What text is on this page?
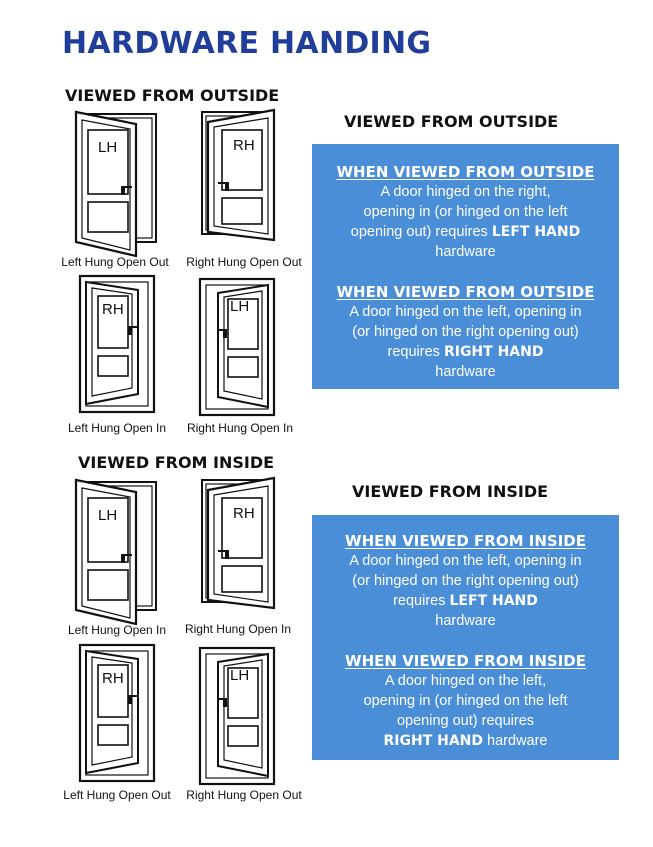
HARDWARE HANDING
VIEWED FROM OUTSIDE
VIEWED FROM OUTSIDE
LH
Left Hung Open Out
RH
Right Hung Open Out
RH
Left Hung Open In
LH
Right Hung Open In
WHEN VIEWED FROM OUTSIDE
A door hinged on the right,
opening in (or hinged on the left
opening out) requires LEFT HAND
hardware
WHEN VIEWED FROM OUTSIDE
A door hinged on the left, opening in
(or hinged on the right opening out)
requires RIGHT HAND
hardware
VIEWED FROM INSIDE
VIEWED FROM INSIDE
LH
Left Hung Open In
RH
Right Hung Open In
RH
Left Hung Open Out
LH
Right Hung Open Out
WHEN VIEWED FROM INSIDE
A door hinged on the left, opening in
(or hinged on the right opening out)
requires LEFT HAND
hardware
WHEN VIEWED FROM INSIDE
A door hinged on the left,
opening in (or hinged on the left
opening out) requires
RIGHT HAND hardware
